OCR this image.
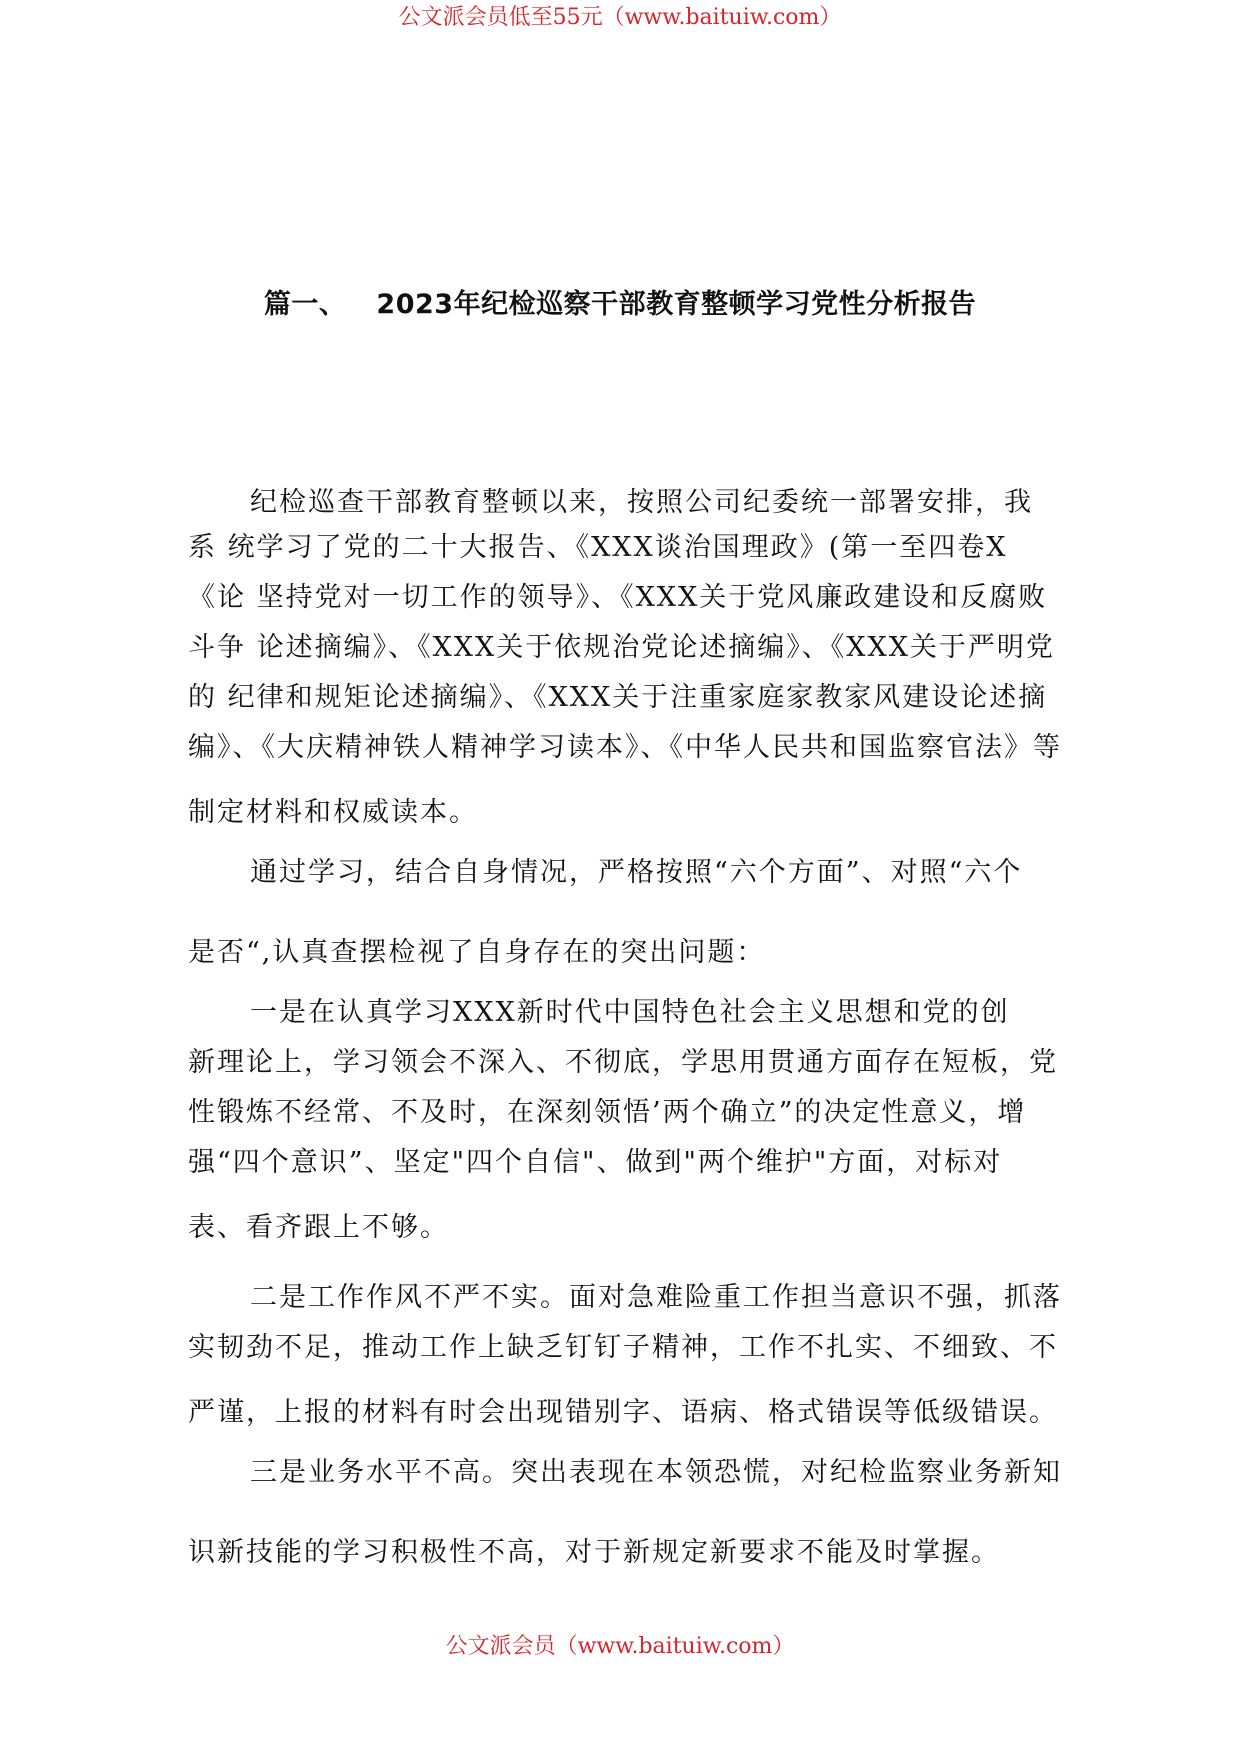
公文派会员低至55元（www.baituiw.com）
篇一、 2023年纪检巡察干部教育整顿学习党性分析报告
纪检巡查干部教育整顿以来，按照公司纪委统一部署安排，我
系 统学习了党的二十大报告、《XXX谈治国理政》(第一至四卷X
《论 坚持党对一切工作的领导》、《XXX关于党风廉政建设和反腐败
斗争 论述摘编》、《XXX关于依规治党论述摘编》、《XXX关于严明党
的 纪律和规矩论述摘编》、《XXX关于注重家庭家教家风建设论述摘
编》、《大庆精神铁人精神学习读本》、《中华人民共和国监察官法》等
制定材料和权威读本。
通过学习，结合自身情况，严格按照“六个方面”、对照“六个
是否“,认真查摆检视了自身存在的突出问题：
一是在认真学习XXX新时代中国特色社会主义思想和党的创
新理论上，学习领会不深入、不彻底，学思用贯通方面存在短板，党
性锻炼不经常、不及时，在深刻领悟’两个确立”的决定性意义，增
强“四个意识”、坚定"四个自信"、做到"两个维护"方面，对标对
表、看齐跟上不够。
二是工作作风不严不实。面对急难险重工作担当意识不强，抓落
实韧劲不足，推动工作上缺乏钉钉子精神，工作不扎实、不细致、不
严谨，上报的材料有时会出现错别字、语病、格式错误等低级错误。
三是业务水平不高。突出表现在本领恐慌，对纪检监察业务新知
识新技能的学习积极性不高，对于新规定新要求不能及时掌握。
公文派会员（www.baituiw.com）
